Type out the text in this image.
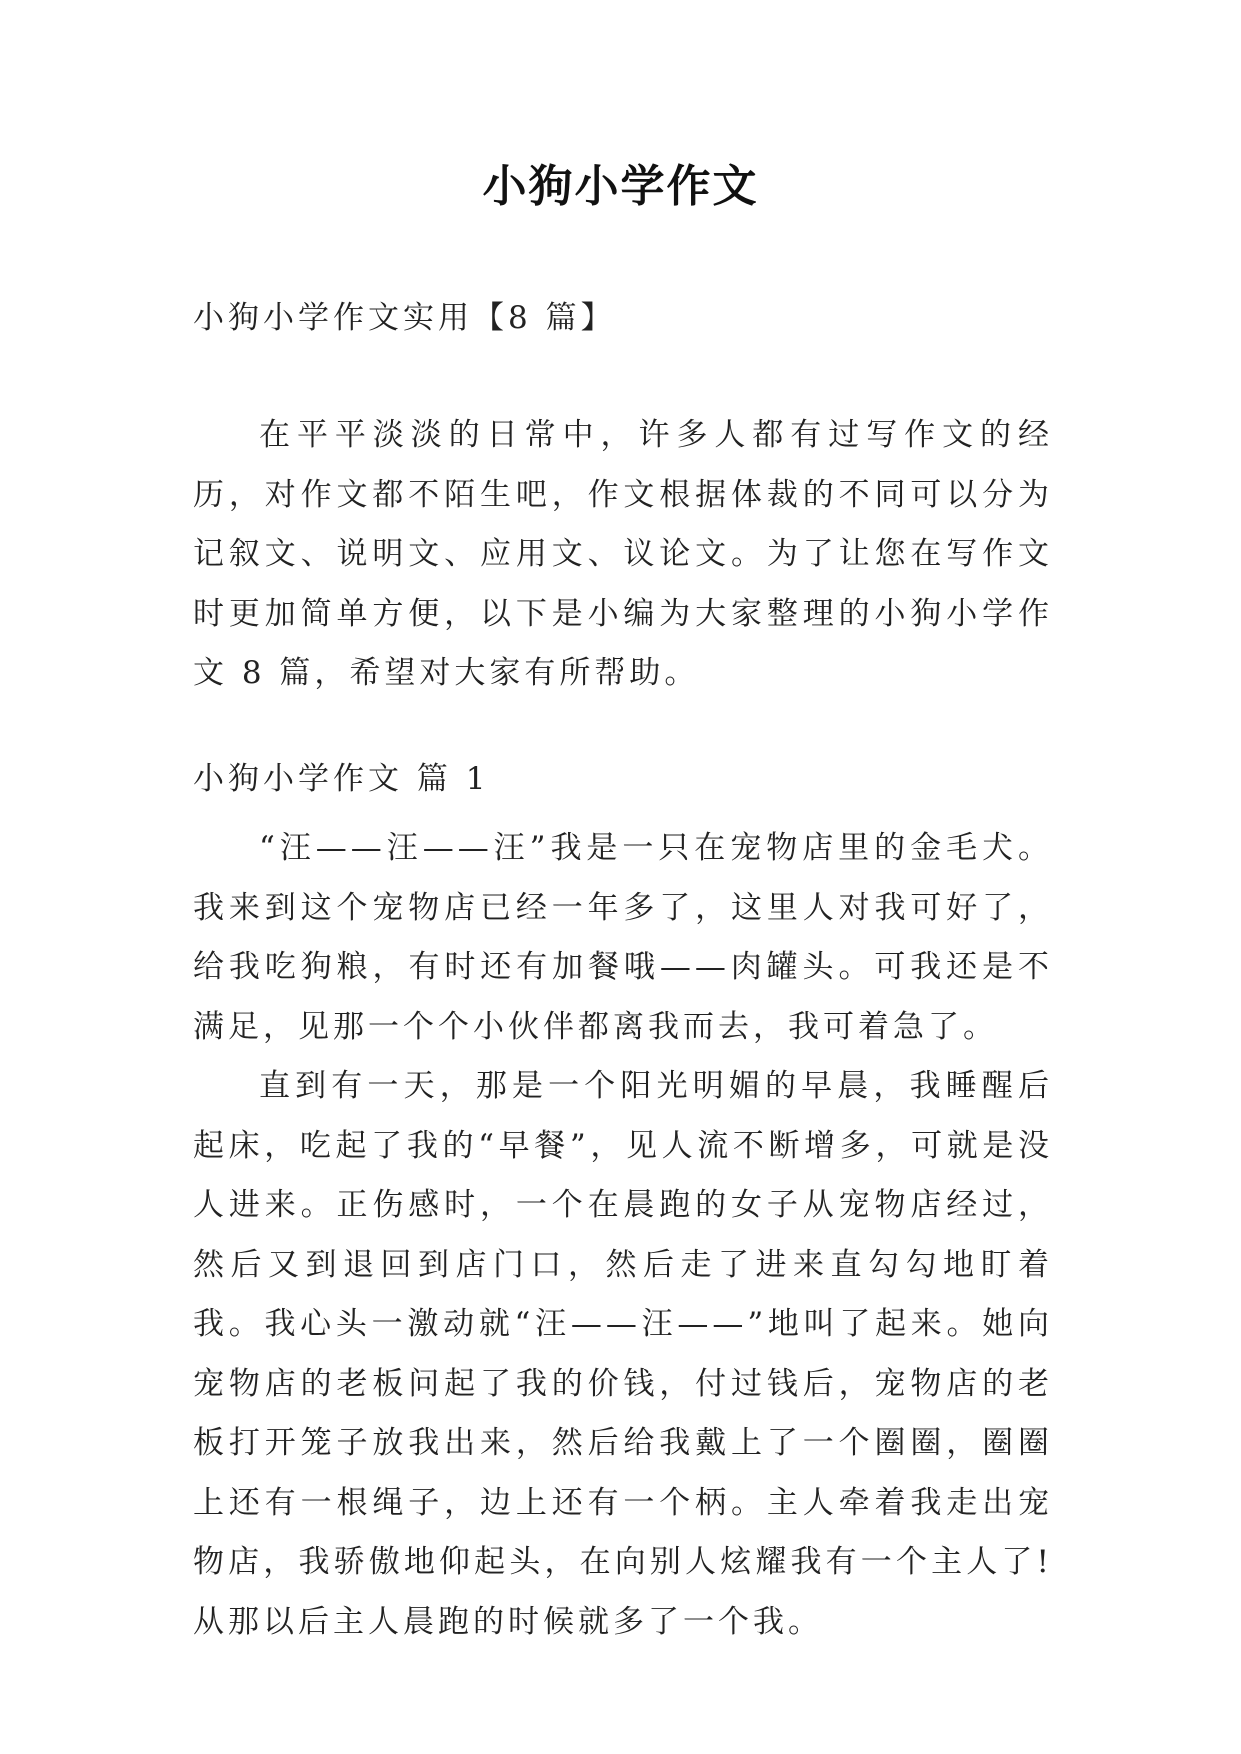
小狗小学作文
小狗小学作文实用【8 篇】

在平平淡淡的日常中，许多人都有过写作文的经历，对作文都不陌生吧，作文根据体裁的不同可以分为记叙文、说明文、应用文、议论文。为了让您在写作文时更加简单方便，以下是小编为大家整理的小狗小学作文 8 篇，希望对大家有所帮助。

小狗小学作文 篇 1

“汪——汪——汪”我是一只在宠物店里的金毛犬。我来到这个宠物店已经一年多了，这里人对我可好了，给我吃狗粮，有时还有加餐哦——肉罐头。可我还是不满足，见那一个个小伙伴都离我而去，我可着急了。

直到有一天，那是一个阳光明媚的早晨，我睡醒后起床，吃起了我的“早餐”，见人流不断增多，可就是没人进来。正伤感时，一个在晨跑的女子从宠物店经过，然后又到退回到店门口，然后走了进来直勾勾地盯着我。我心头一激动就“汪——汪——”地叫了起来。她向宠物店的老板问起了我的价钱，付过钱后，宠物店的老板打开笼子放我出来，然后给我戴上了一个圈圈，圈圈上还有一根绳子，边上还有一个柄。主人牵着我走出宠物店，我骄傲地仰起头，在向别人炫耀我有一个主人了!从那以后主人晨跑的时候就多了一个我。
